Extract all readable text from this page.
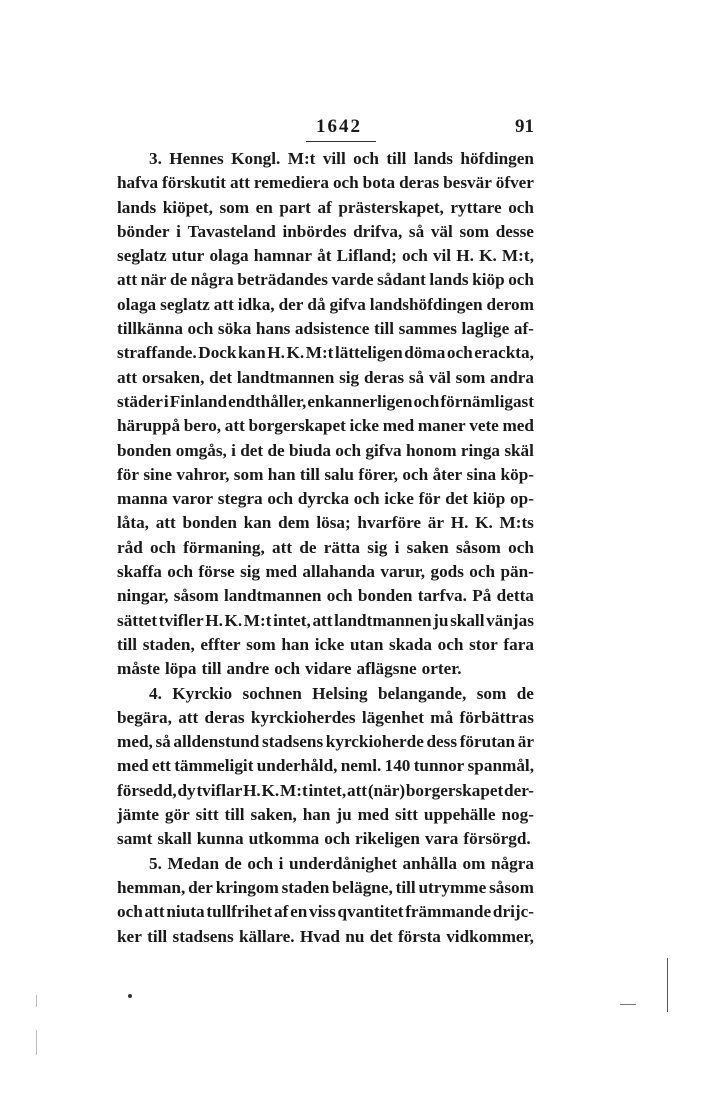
1642	91
3. Hennes Kongl. M:t vill och till lands höfdingen
hafva förskutit att remediera och bota deras besvär öfver
lands kiöpet, som en part af prästerskapet, ryttare och
bönder i Tavasteland inbördes drifva, så väl som desse
seglatz utur olaga hamnar åt Lifland; och vil H. K. M:t,
att när de några beträdandes varde sådant lands kiöp och
olaga seglatz att idka, der då gifva landshöfdingen derom
tillkänna och söka hans adsistence till sammes laglige af-
straffande. Dock kan H. K. M:t lätteligen döma och erackta,
att orsaken, det landtmannen sig deras så väl som andra
städer i Finland endthåller, enkannerligen och förnämligast
häruppå bero, att borgerskapet icke med maner vete med
bonden omgås, i det de biuda och gifva honom ringa skäl
för sine vahror, som han till salu förer, och åter sina köp-
manna varor stegra och dyrcka och icke för det kiöp op-
låta, att bonden kan dem lösa; hvarföre är H. K. M:ts
råd och förmaning, att de rätta sig i saken såsom och
skaffa och förse sig med allahanda varur, gods och pän-
ningar, såsom landtmannen och bonden tarfva. På detta
sättet tvifler H. K. M:t intet, att landtmannen ju skall vänjas
till staden, effter som han icke utan skada och stor fara
måste löpa till andre och vidare aflägsne orter.
4. Kyrckio sochnen Helsing belangande, som de
begära, att deras kyrckioherdes lägenhet må förbättras
med, så alldenstund stadsens kyrckioherde dess förutan är
med ett tämmeligit underhåld, neml. 140 tunnor spanmål,
försedd, dy tviflar H. K. M:t intet, att (när) borgerskapet der-
jämte gör sitt till saken, han ju med sitt uppehälle nog-
samt skall kunna utkomma och rikeligen vara försörgd.
5. Medan de och i underdånighet anhålla om några
hemman, der kringom staden belägne, till utrymme såsom
och att niuta tullfrihet af en viss qvantitet främmande drijc-
ker till stadsens källare. Hvad nu det första vidkommer,
